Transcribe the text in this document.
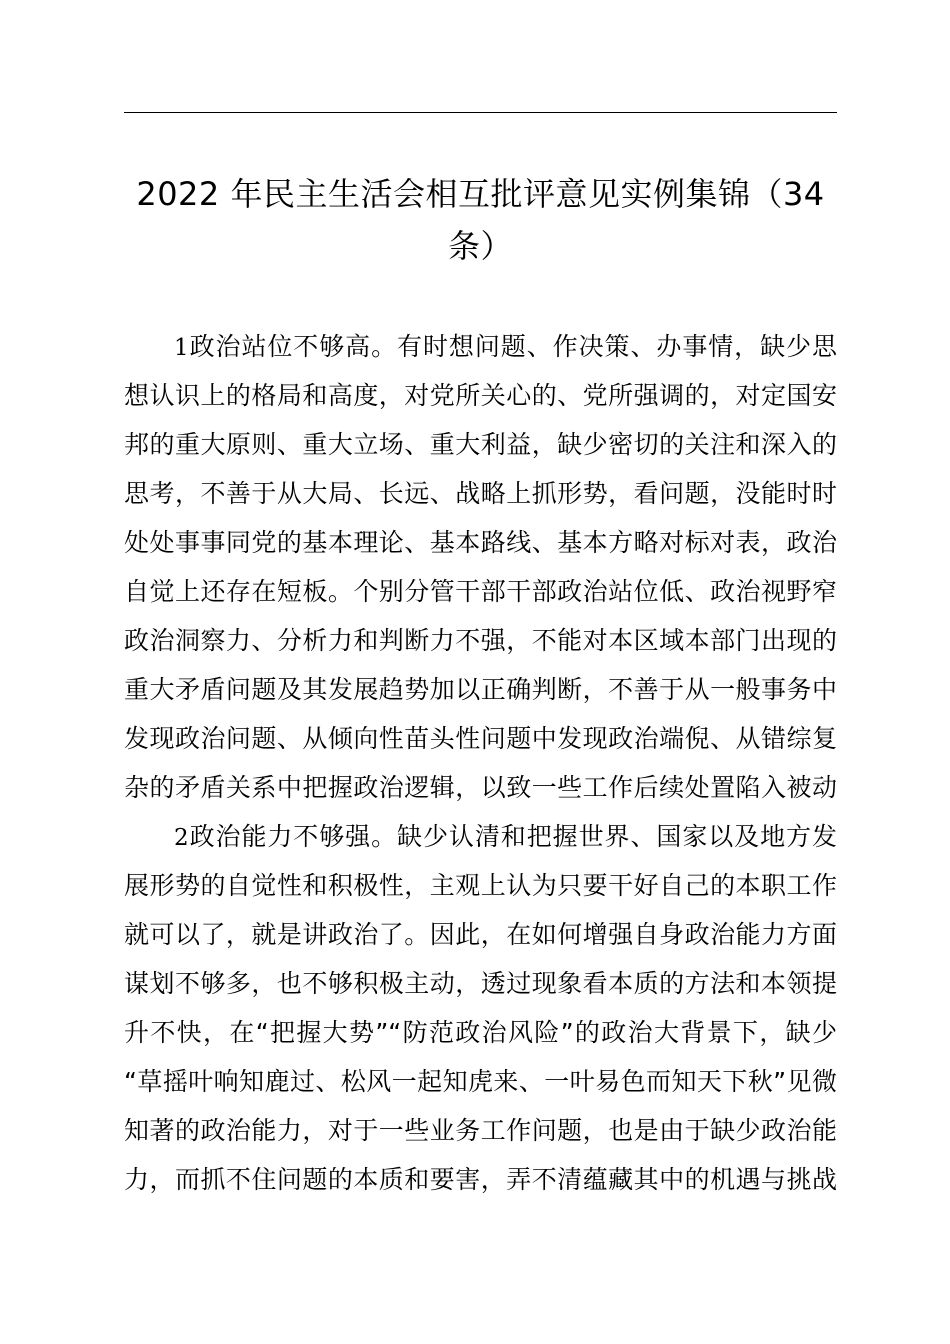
2022 年民主生活会相互批评意见实例集锦（34
条）
1政治站位不够高。有时想问题、作决策、办事情，缺少思
想认识上的格局和高度，对党所关心的、党所强调的，对定国安
邦的重大原则、重大立场、重大利益，缺少密切的关注和深入的
思考，不善于从大局、长远、战略上抓形势，看问题，没能时时
处处事事同党的基本理论、基本路线、基本方略对标对表，政治
自觉上还存在短板。个别分管干部干部政治站位低、政治视野窄
政治洞察力、分析力和判断力不强，不能对本区域本部门出现的
重大矛盾问题及其发展趋势加以正确判断，不善于从一般事务中
发现政治问题、从倾向性苗头性问题中发现政治端倪、从错综复
杂的矛盾关系中把握政治逻辑，以致一些工作后续处置陷入被动
2政治能力不够强。缺少认清和把握世界、国家以及地方发
展形势的自觉性和积极性，主观上认为只要干好自己的本职工作
就可以了，就是讲政治了。因此，在如何增强自身政治能力方面
谋划不够多，也不够积极主动，透过现象看本质的方法和本领提
升不快，在“把握大势”“防范政治风险”的政治大背景下，缺少
“草摇叶响知鹿过、松风一起知虎来、一叶易色而知天下秋”见微
知著的政治能力，对于一些业务工作问题，也是由于缺少政治能
力，而抓不住问题的本质和要害，弄不清蕴藏其中的机遇与挑战
